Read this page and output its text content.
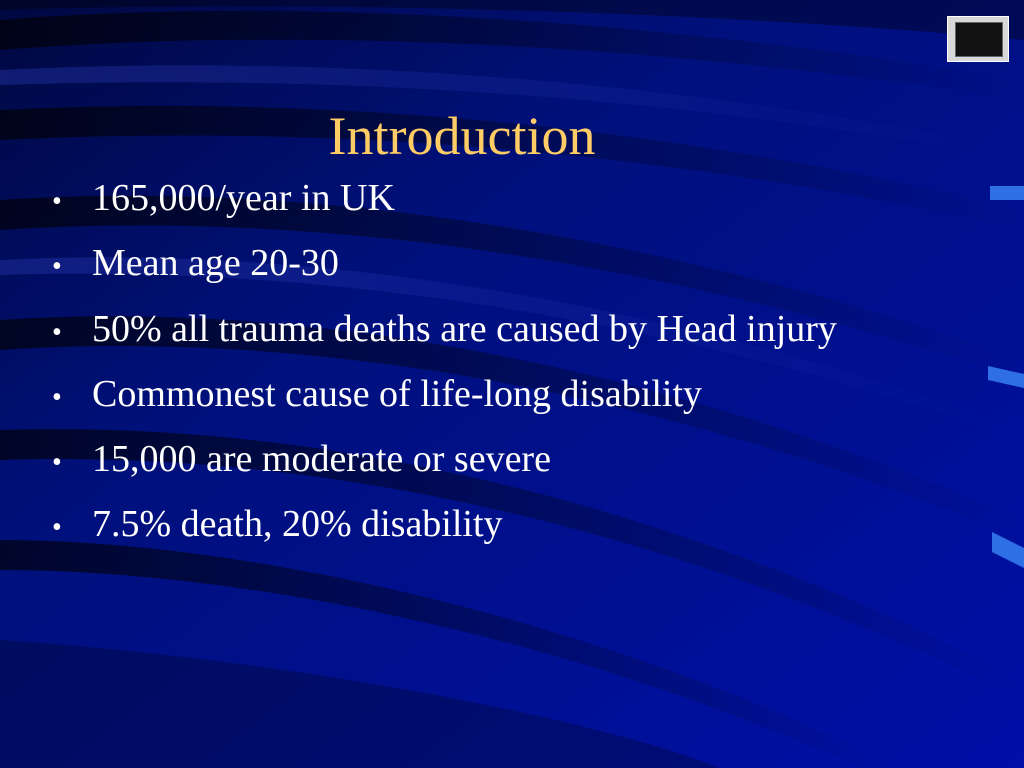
Introduction
• 165,000/year in UK
• Mean age 20-30
• 50% all trauma deaths are caused by Head injury
• Commonest cause of life-long disability
• 15,000 are moderate or severe
• 7.5% death, 20% disability
